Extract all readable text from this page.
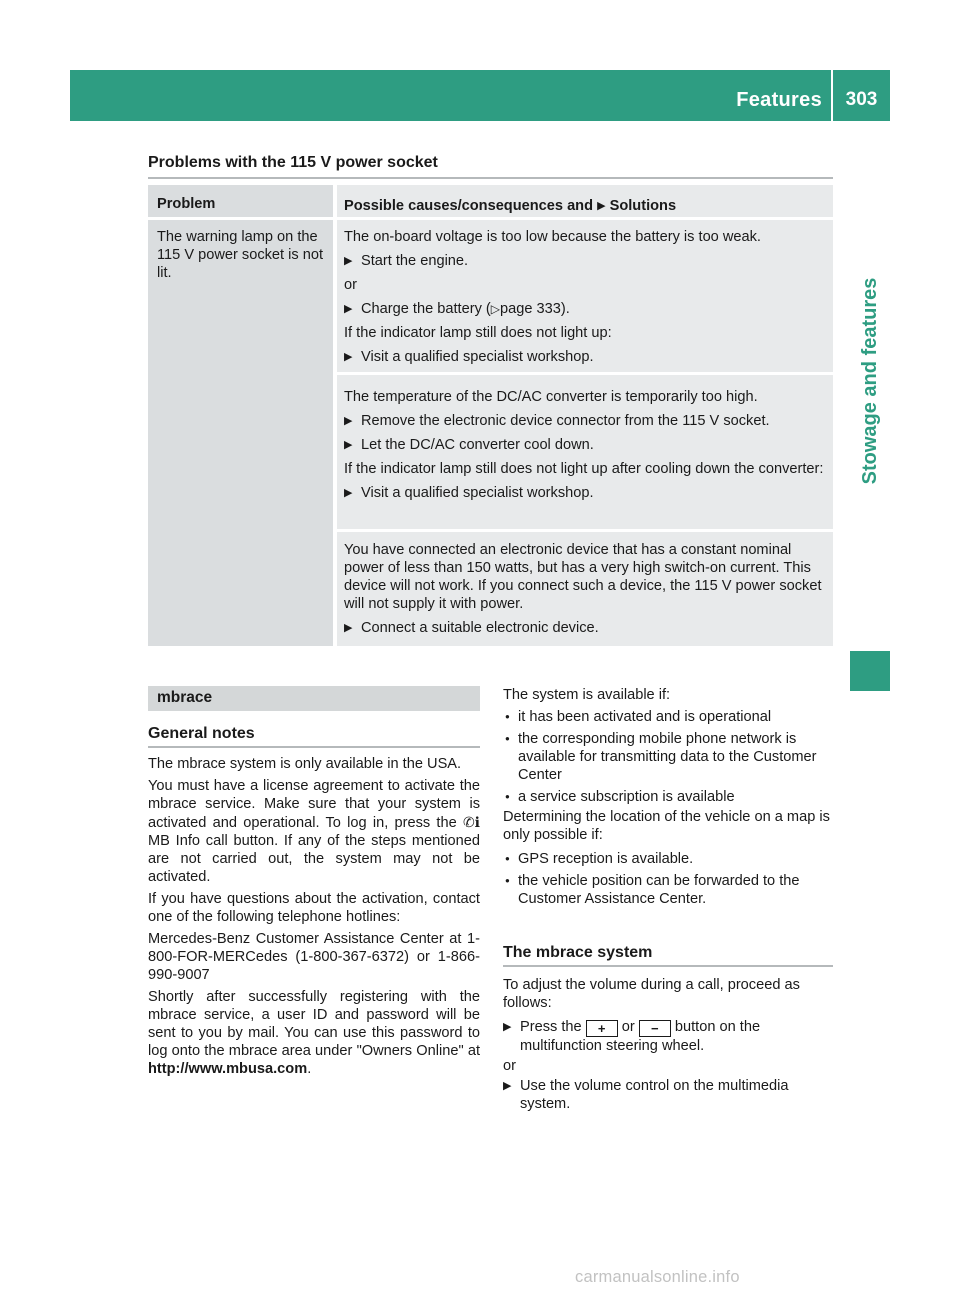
Features	303
Stowage and features
Problems with the 115 V power socket
Problem	Possible causes/consequences and ▶ Solutions
The warning lamp on the 115 V power socket is not lit.

The on-board voltage is too low because the battery is too weak.

▶ Start the engine.

or

▶ Charge the battery (▷page 333).

If the indicator lamp still does not light up:

▶ Visit a qualified specialist workshop.

The temperature of the DC/AC converter is temporarily too high.

▶ Remove the electronic device connector from the 115 V socket.
▶ Let the DC/AC converter cool down.

If the indicator lamp still does not light up after cooling down the converter:

▶ Visit a qualified specialist workshop.

You have connected an electronic device that has a constant nominal power of less than 150 watts, but has a very high switch-on current. This device will not work. If you connect such a device, the 115 V power socket will not supply it with power.

▶ Connect a suitable electronic device.
mbrace
General notes

The mbrace system is only available in the USA.

You must have a license agreement to activate the mbrace service. Make sure that your system is activated and operational. To log in, press the ✆ℹ MB Info call button. If any of the steps mentioned are not carried out, the system may not be activated.

If you have questions about the activation, contact one of the following telephone hotlines:

Mercedes-Benz Customer Assistance Center at 1-800-FOR-MERCedes (1-800-367-6372) or 1-866-990-9007

Shortly after successfully registering with the mbrace service, a user ID and password will be sent to you by mail. You can use this password to log onto the mbrace area under "Owners Online" at http://www.mbusa.com.

The system is available if:

● it has been activated and is operational
● the corresponding mobile phone network is available for transmitting data to the Customer Center
● a service subscription is available

Determining the location of the vehicle on a map is only possible if:

● GPS reception is available.
● the vehicle position can be forwarded to the Customer Assistance Center.
The mbrace system

To adjust the volume during a call, proceed as follows:

▶ Press the + or − button on the multifunction steering wheel.

or

▶ Use the volume control on the multimedia system.
carmanualsonline.info
